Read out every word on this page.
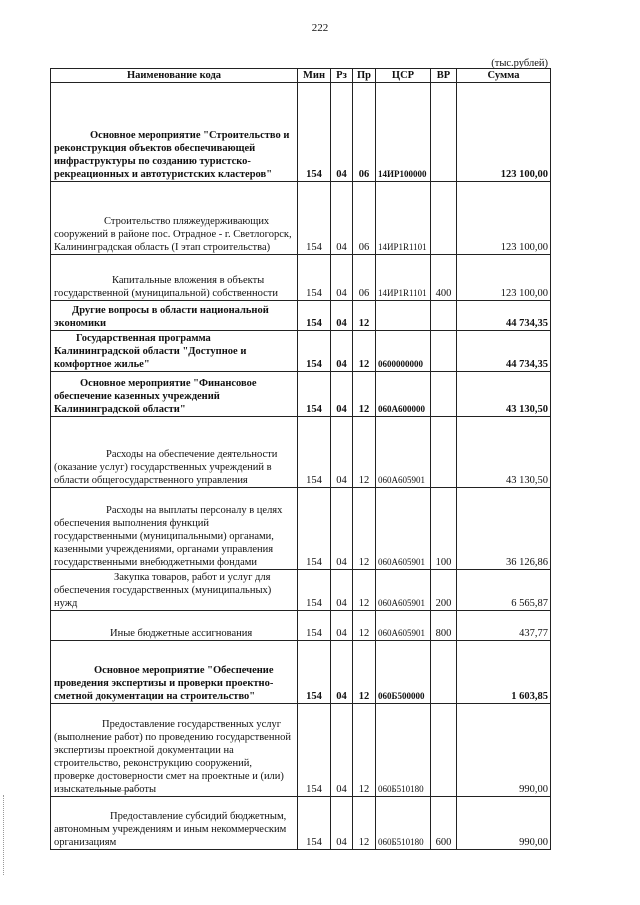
222
(тыс.рублей)
Наименование кода	Мин	Рз	Пр	ЦСР	ВР	Сумма
Основное мероприятие "Строительство и реконструкция объектов обеспечивающей инфраструктуры по созданию туристско-рекреационных и автотуристских кластеров"	154	04	06	14ИР100000		123 100,00
Строительство пляжеудерживающих сооружений в районе пос. Отрадное - г. Светлогорск, Калининградская область (I этап строительства)	154	04	06	14ИР1R1101		123 100,00
Капитальные вложения в объекты государственной (муниципальной) собственности	154	04	06	14ИР1R1101	400	123 100,00
Другие вопросы в области национальной экономики	154	04	12			44 734,35
Государственная программа Калининградской области "Доступное и комфортное жилье"	154	04	12	0600000000		44 734,35
Основное мероприятие "Финансовое обеспечение казенных учреждений Калининградской области"	154	04	12	060А600000		43 130,50
Расходы на обеспечение деятельности (оказание услуг) государственных учреждений в области общегосударственного управления	154	04	12	060А605901		43 130,50
Расходы на выплаты персоналу в целях обеспечения выполнения функций государственными (муниципальными) органами, казенными учреждениями, органами управления государственными внебюджетными фондами	154	04	12	060А605901	100	36 126,86
Закупка товаров, работ и услуг для обеспечения государственных (муниципальных) нужд	154	04	12	060А605901	200	6 565,87
Иные бюджетные ассигнования	154	04	12	060А605901	800	437,77
Основное мероприятие "Обеспечение проведения экспертизы и проверки проектно-сметной документации на строительство"	154	04	12	060Б500000		1 603,85
Предоставление государственных услуг (выполнение работ) по проведению государственной экспертизы проектной документации на строительство, реконструкцию сооружений, проверке достоверности смет на проектные и (или) изыскательные работы	154	04	12	060Б510180		990,00
Предоставление субсидий бюджетным, автономным учреждениям и иным некоммерческим организациям	154	04	12	060Б510180	600	990,00
